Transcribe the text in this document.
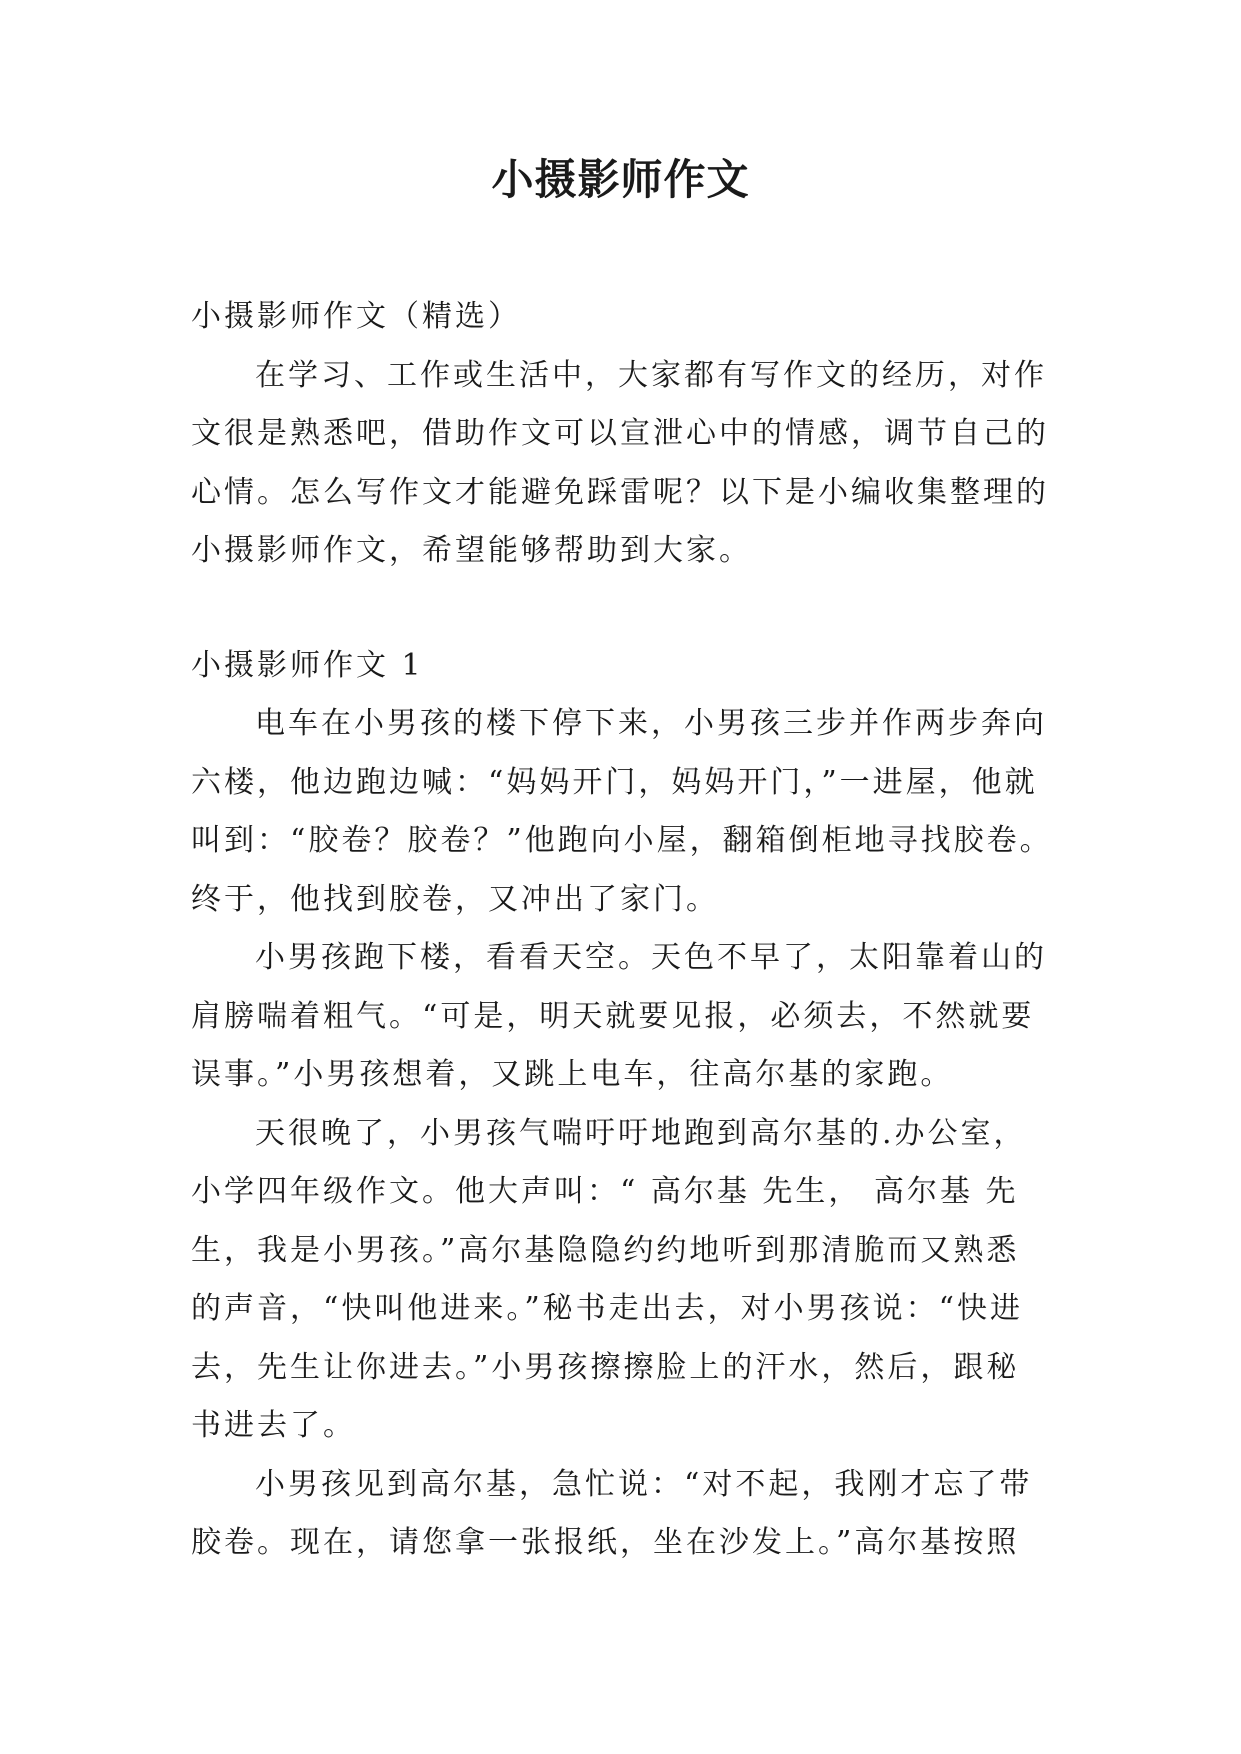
小摄影师作文
小摄影师作文（精选）
在学习、工作或生活中，大家都有写作文的经历，对作
文很是熟悉吧，借助作文可以宣泄心中的情感，调节自己的
心情。怎么写作文才能避免踩雷呢？以下是小编收集整理的
小摄影师作文，希望能够帮助到大家。
小摄影师作文 1
电车在小男孩的楼下停下来，小男孩三步并作两步奔向
六楼，他边跑边喊：“妈妈开门，妈妈开门，”一进屋，他就
叫到：“胶卷？胶卷？”他跑向小屋，翻箱倒柜地寻找胶卷。
终于，他找到胶卷，又冲出了家门。
小男孩跑下楼，看看天空。天色不早了，太阳靠着山的
肩膀喘着粗气。“可是，明天就要见报，必须去，不然就要
误事。”小男孩想着，又跳上电车，往高尔基的家跑。
天很晚了，小男孩气喘吁吁地跑到高尔基的.办公室，
小学四年级作文。他大声叫：“ 高尔基 先生， 高尔基 先
生，我是小男孩。”高尔基隐隐约约地听到那清脆而又熟悉
的声音，“快叫他进来。”秘书走出去，对小男孩说：“快进
去，先生让你进去。”小男孩擦擦脸上的汗水，然后，跟秘
书进去了。
小男孩见到高尔基，急忙说：“对不起，我刚才忘了带
胶卷。现在，请您拿一张报纸，坐在沙发上。”高尔基按照
